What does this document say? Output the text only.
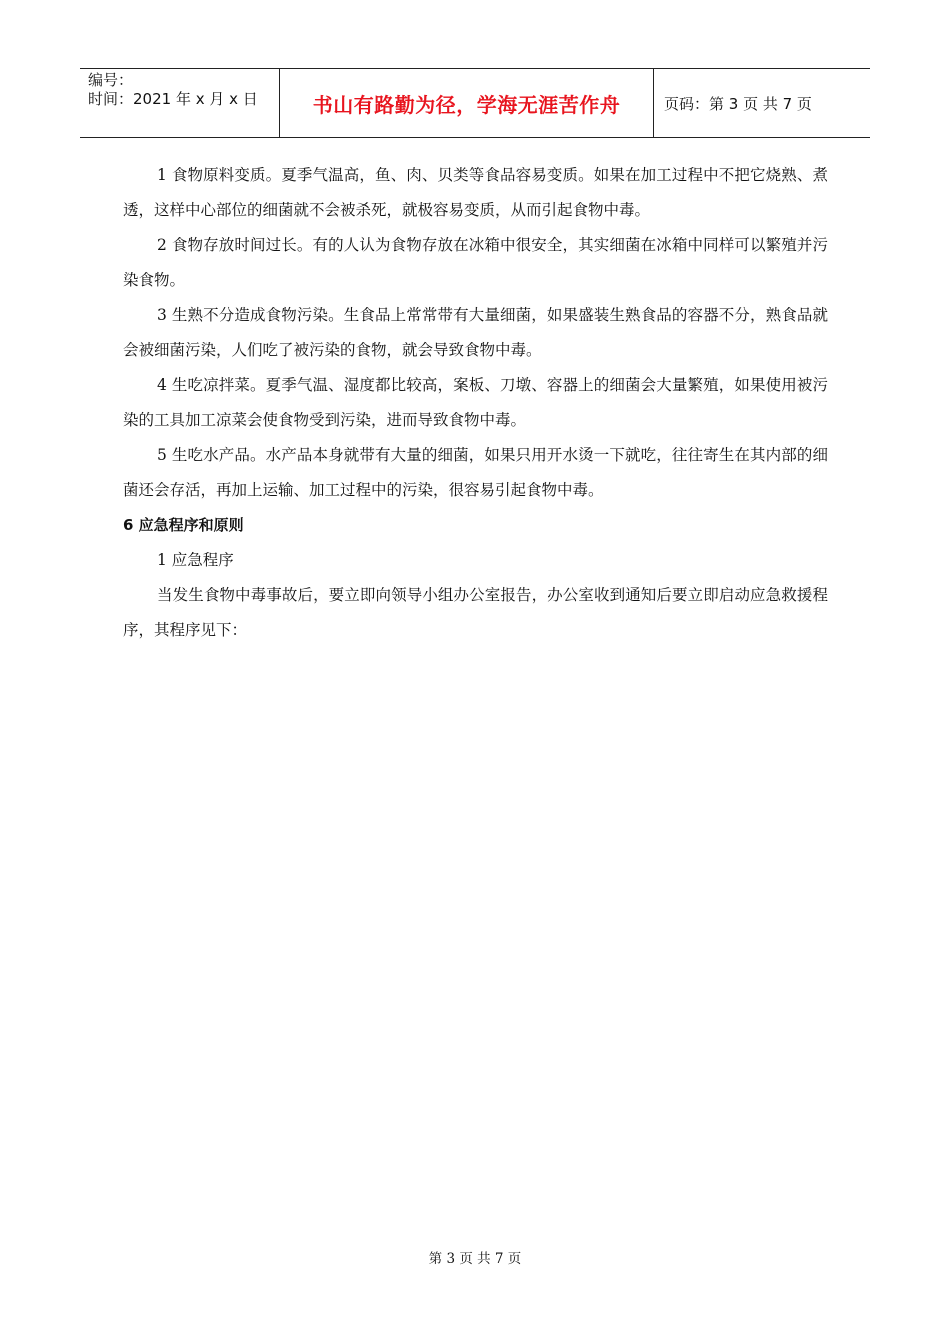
编号：
时间：2021 年 x 月 x 日	书山有路勤为径，学海无涯苦作舟	页码：第 3 页 共 7 页

1 食物原料变质。夏季气温高，鱼、肉、贝类等食品容易变质。如果在加工过程中不把它烧熟、煮透，这样中心部位的细菌就不会被杀死，就极容易变质，从而引起食物中毒。

2 食物存放时间过长。有的人认为食物存放在冰箱中很安全，其实细菌在冰箱中同样可以繁殖并污染食物。

3 生熟不分造成食物污染。生食品上常常带有大量细菌，如果盛装生熟食品的容器不分，熟食品就会被细菌污染，人们吃了被污染的食物，就会导致食物中毒。

4 生吃凉拌菜。夏季气温、湿度都比较高，案板、刀墩、容器上的细菌会大量繁殖，如果使用被污染的工具加工凉菜会使食物受到污染，进而导致食物中毒。

5 生吃水产品。水产品本身就带有大量的细菌，如果只用开水烫一下就吃，往往寄生在其内部的细菌还会存活，再加上运输、加工过程中的污染，很容易引起食物中毒。

6 应急程序和原则

1 应急程序

当发生食物中毒事故后，要立即向领导小组办公室报告，办公室收到通知后要立即启动应急救援程序，其程序见下：

第 3 页 共 7 页
